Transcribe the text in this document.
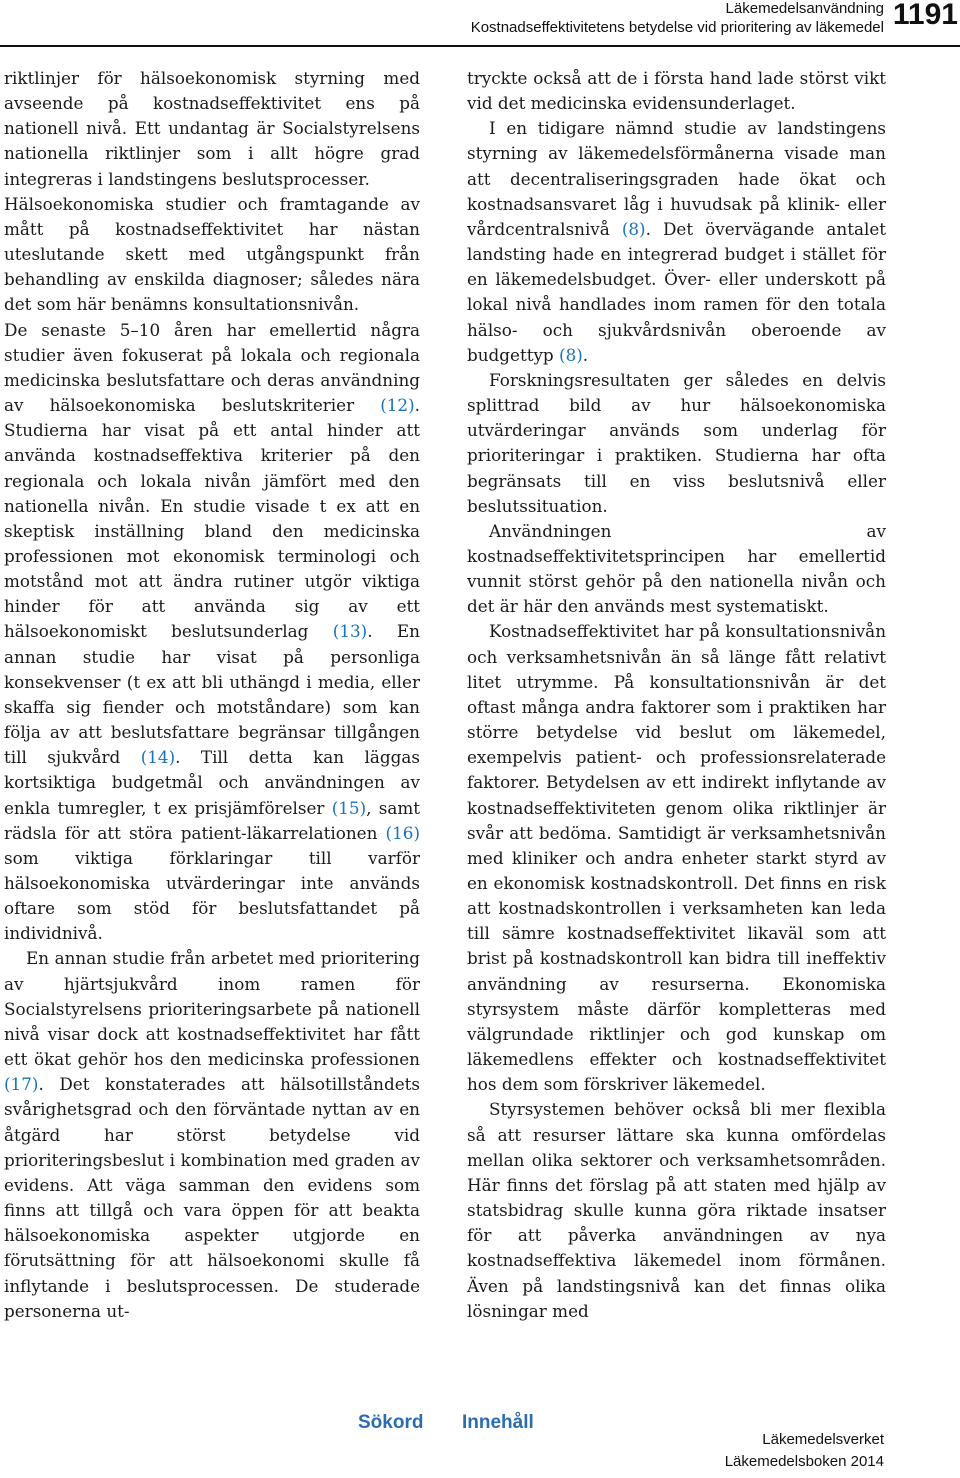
Läkemedelsanvändning
Kostnadseffektivitetens betydelse vid prioritering av läkemedel 1191

riktlinjer för hälsoekonomisk styrning med avseende på kostnadseffektivitet ens på nationell nivå. Ett undantag är Socialstyrelsens nationella riktlinjer som i allt högre grad integreras i landstingens beslutsprocesser.

Hälsoekonomiska studier och framtagande av mått på kostnadseffektivitet har nästan uteslutande skett med utgångspunkt från behandling av enskilda diagnoser; således nära det som här benämns konsultationsnivån.

De senaste 5–10 åren har emellertid några studier även fokuserat på lokala och regionala medicinska beslutsfattare och deras användning av hälsoekonomiska beslutskriterier (12). Studierna har visat på ett antal hinder att använda kostnadseffektiva kriterier på den regionala och lokala nivån jämfört med den nationella nivån. En studie visade t ex att en skeptisk inställning bland den medicinska professionen mot ekonomisk terminologi och motstånd mot att ändra rutiner utgör viktiga hinder för att använda sig av ett hälsoekonomiskt beslutsunderlag (13). En annan studie har visat på personliga konsekvenser (t ex att bli uthängd i media, eller skaffa sig fiender och motståndare) som kan följa av att beslutsfattare begränsar tillgången till sjukvård (14). Till detta kan läggas kortsiktiga budgetmål och användningen av enkla tumregler, t ex prisjämförelser (15), samt rädsla för att störa patient-läkarrelationen (16) som viktiga förklaringar till varför hälsoekonomiska utvärderingar inte används oftare som stöd för beslutsfattandet på individnivå.

En annan studie från arbetet med prioritering av hjärtsjukvård inom ramen för Socialstyrelsens prioriteringsarbete på nationell nivå visar dock att kostnadseffektivitet har fått ett ökat gehör hos den medicinska professionen (17). Det konstaterades att hälsotillståndets svårighetsgrad och den förväntade nyttan av en åtgärd har störst betydelse vid prioriteringsbeslut i kombination med graden av evidens. Att väga samman den evidens som finns att tillgå och vara öppen för att beakta hälsoekonomiska aspekter utgjorde en förutsättning för att hälsoekonomi skulle få inflytande i beslutsprocessen. De studerade personerna ut-

tryckte också att de i första hand lade störst vikt vid det medicinska evidensunderlaget.

I en tidigare nämnd studie av landstingens styrning av läkemedelsförmånerna visade man att decentraliseringsgraden hade ökat och kostnadsansvaret låg i huvudsak på klinik- eller vårdcentralsnivå (8). Det övervägande antalet landsting hade en integrerad budget i stället för en läkemedelsbudget. Över- eller underskott på lokal nivå handlades inom ramen för den totala hälso- och sjukvårdsnivån oberoende av budgettyp (8).

Forskningsresultaten ger således en delvis splittrad bild av hur hälsoekonomiska utvärderingar används som underlag för prioriteringar i praktiken. Studierna har ofta begränsats till en viss beslutsnivå eller beslutssituation.

Användningen av kostnadseffektivitetsprincipen har emellertid vunnit störst gehör på den nationella nivån och det är här den används mest systematiskt.

Kostnadseffektivitet har på konsultationsnivån och verksamhetsnivån än så länge fått relativt litet utrymme. På konsultationsnivån är det oftast många andra faktorer som i praktiken har större betydelse vid beslut om läkemedel, exempelvis patient- och professionsrelaterade faktorer. Betydelsen av ett indirekt inflytande av kostnadseffektiviteten genom olika riktlinjer är svår att bedöma. Samtidigt är verksamhetsnivån med kliniker och andra enheter starkt styrd av en ekonomisk kostnadskontroll. Det finns en risk att kostnadskontrollen i verksamheten kan leda till sämre kostnadseffektivitet likaväl som att brist på kostnadskontroll kan bidra till ineffektiv användning av resurserna. Ekonomiska styrsystem måste därför kompletteras med välgrundade riktlinjer och god kunskap om läkemedlens effekter och kostnadseffektivitet hos dem som förskriver läkemedel.

Styrsystemen behöver också bli mer flexibla så att resurser lättare ska kunna omfördelas mellan olika sektorer och verksamhetsområden. Här finns det förslag på att staten med hjälp av statsbidrag skulle kunna göra riktade insatser för att påverka användningen av nya kostnadseffektiva läkemedel inom förmånen. Även på landstingsnivå kan det finnas olika lösningar med

Sökord Innehåll
Läkemedelsverket
Läkemedelsboken 2014
